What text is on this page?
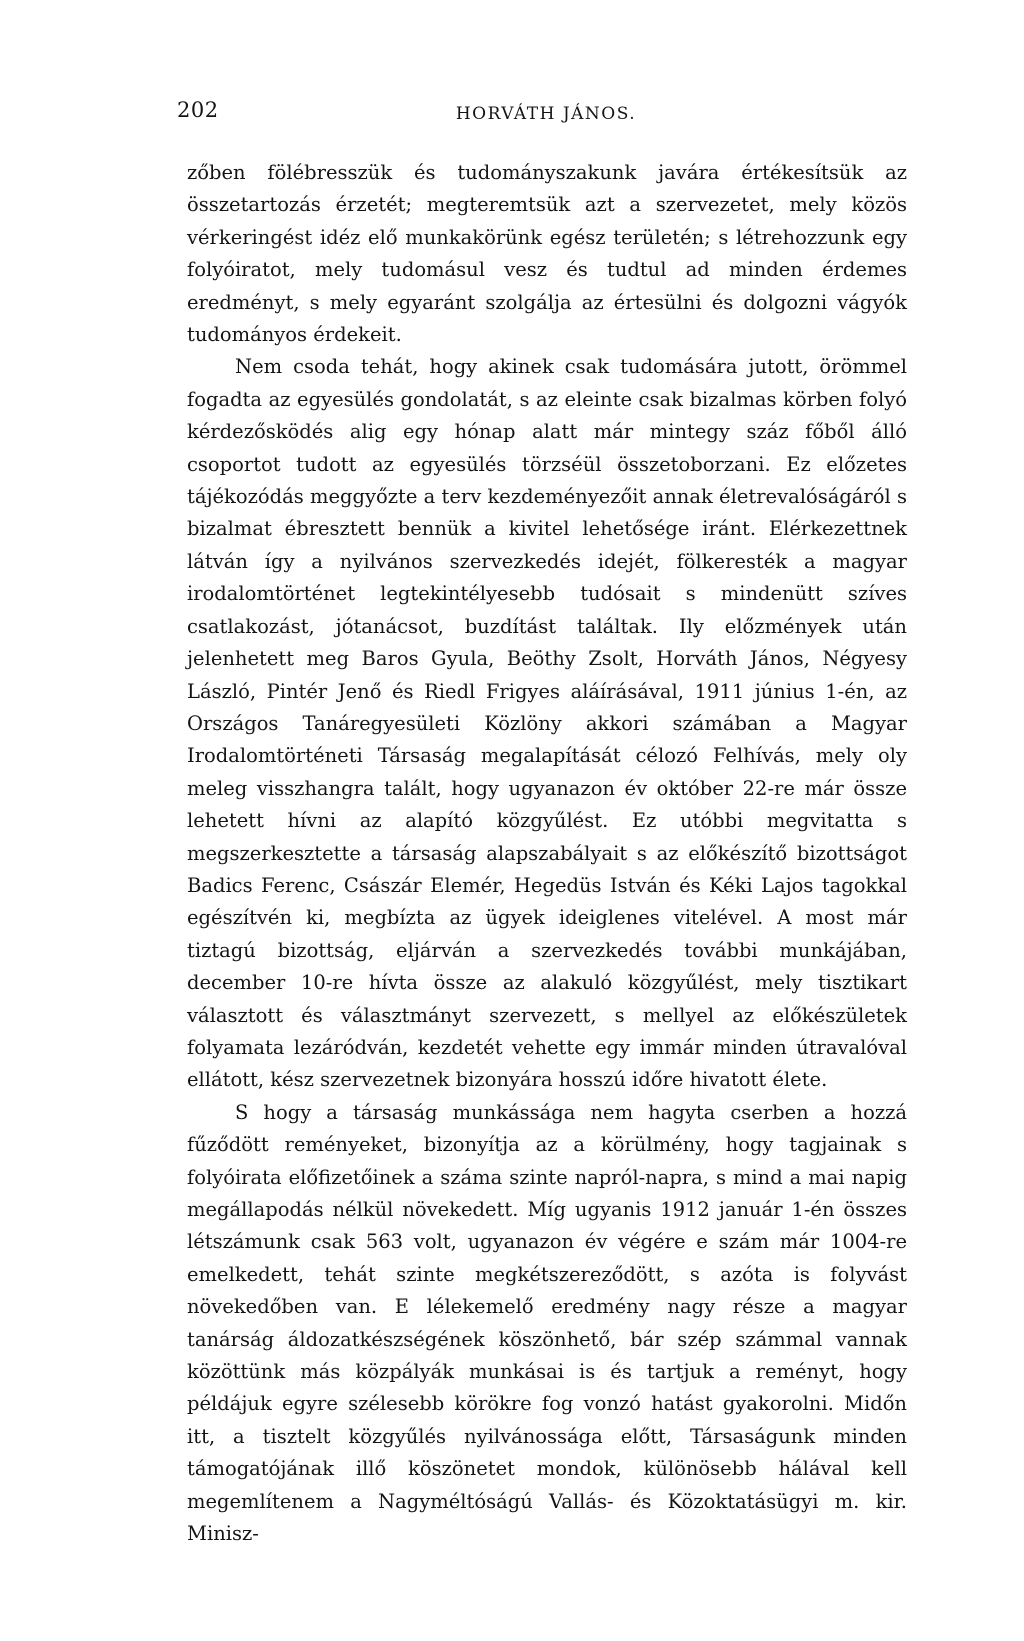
202	HORVÁTH JÁNOS.

zőben fölébresszük és tudományszakunk javára értékesítsük az összetartozás érzetét; megteremtsük azt a szervezetet, mely közös vérkeringést idéz elő munkakörünk egész területén; s létrehozzunk egy folyóiratot, mely tudomásul vesz és tudtul ad minden érdemes eredményt, s mely egyaránt szolgálja az értesülni és dolgozni vágyók tudományos érdekeit.

Nem csoda tehát, hogy akinek csak tudomására jutott, örömmel fogadta az egyesülés gondolatát, s az eleinte csak bizalmas körben folyó kérdezősködés alig egy hónap alatt már mintegy száz főből álló csoportot tudott az egyesülés törzséül összetoborzani. Ez előzetes tájékozódás meggyőzte a terv kezdeményezőit annak életrevalóságáról s bizalmat ébresztett bennük a kivitel lehetősége iránt. Elérkezettnek látván így a nyilvános szervezkedés idejét, fölkeresték a magyar irodalomtörténet legtekintélyesebb tudósait s mindenütt szíves csatlakozást, jótanácsot, buzdítást találtak. Ily előzmények után jelenhetett meg Baros Gyula, Beöthy Zsolt, Horváth János, Négyesy László, Pintér Jenő és Riedl Frigyes aláírásával, 1911 június 1-én, az Országos Tanáregyesületi Közlöny akkori számában a Magyar Irodalomtörténeti Társaság megalapítását célozó Felhívás, mely oly meleg visszhangra talált, hogy ugyanazon év október 22-re már össze lehetett hívni az alapító közgyűlést. Ez utóbbi megvitatta s megszerkesztette a társaság alapszabályait s az előkészítő bizottságot Badics Ferenc, Császár Elemér, Hegedüs István és Kéki Lajos tagokkal egészítvén ki, megbízta az ügyek ideiglenes vitelével. A most már tiztagú bizottság, eljárván a szervezkedés további munkájában, december 10-re hívta össze az alakuló közgyűlést, mely tisztikart választott és választmányt szervezett, s mellyel az előkészületek folyamata lezáródván, kezdetét vehette egy immár minden útravalóval ellátott, kész szervezetnek bizonyára hosszú időre hivatott élete.

S hogy a társaság munkássága nem hagyta cserben a hozzá fűződött reményeket, bizonyítja az a körülmény, hogy tagjainak s folyóirata előfizetőinek a száma szinte napról-napra, s mind a mai napig megállapodás nélkül növekedett. Míg ugyanis 1912 január 1-én összes létszámunk csak 563 volt, ugyanazon év végére e szám már 1004-re emelkedett, tehát szinte megkétszereződött, s azóta is folyvást növekedőben van. E lélekemelő eredmény nagy része a magyar tanárság áldozatkészségének köszönhető, bár szép számmal vannak közöttünk más közpályák munkásai is és tartjuk a reményt, hogy példájuk egyre szélesebb körökre fog vonzó hatást gyakorolni. Midőn itt, a tisztelt közgyűlés nyilvánossága előtt, Társaságunk minden támogatójának illő köszönetet mondok, különösebb hálával kell megemlítenem a Nagyméltóságú Vallás- és Közoktatásügyi m. kir. Minisz-
